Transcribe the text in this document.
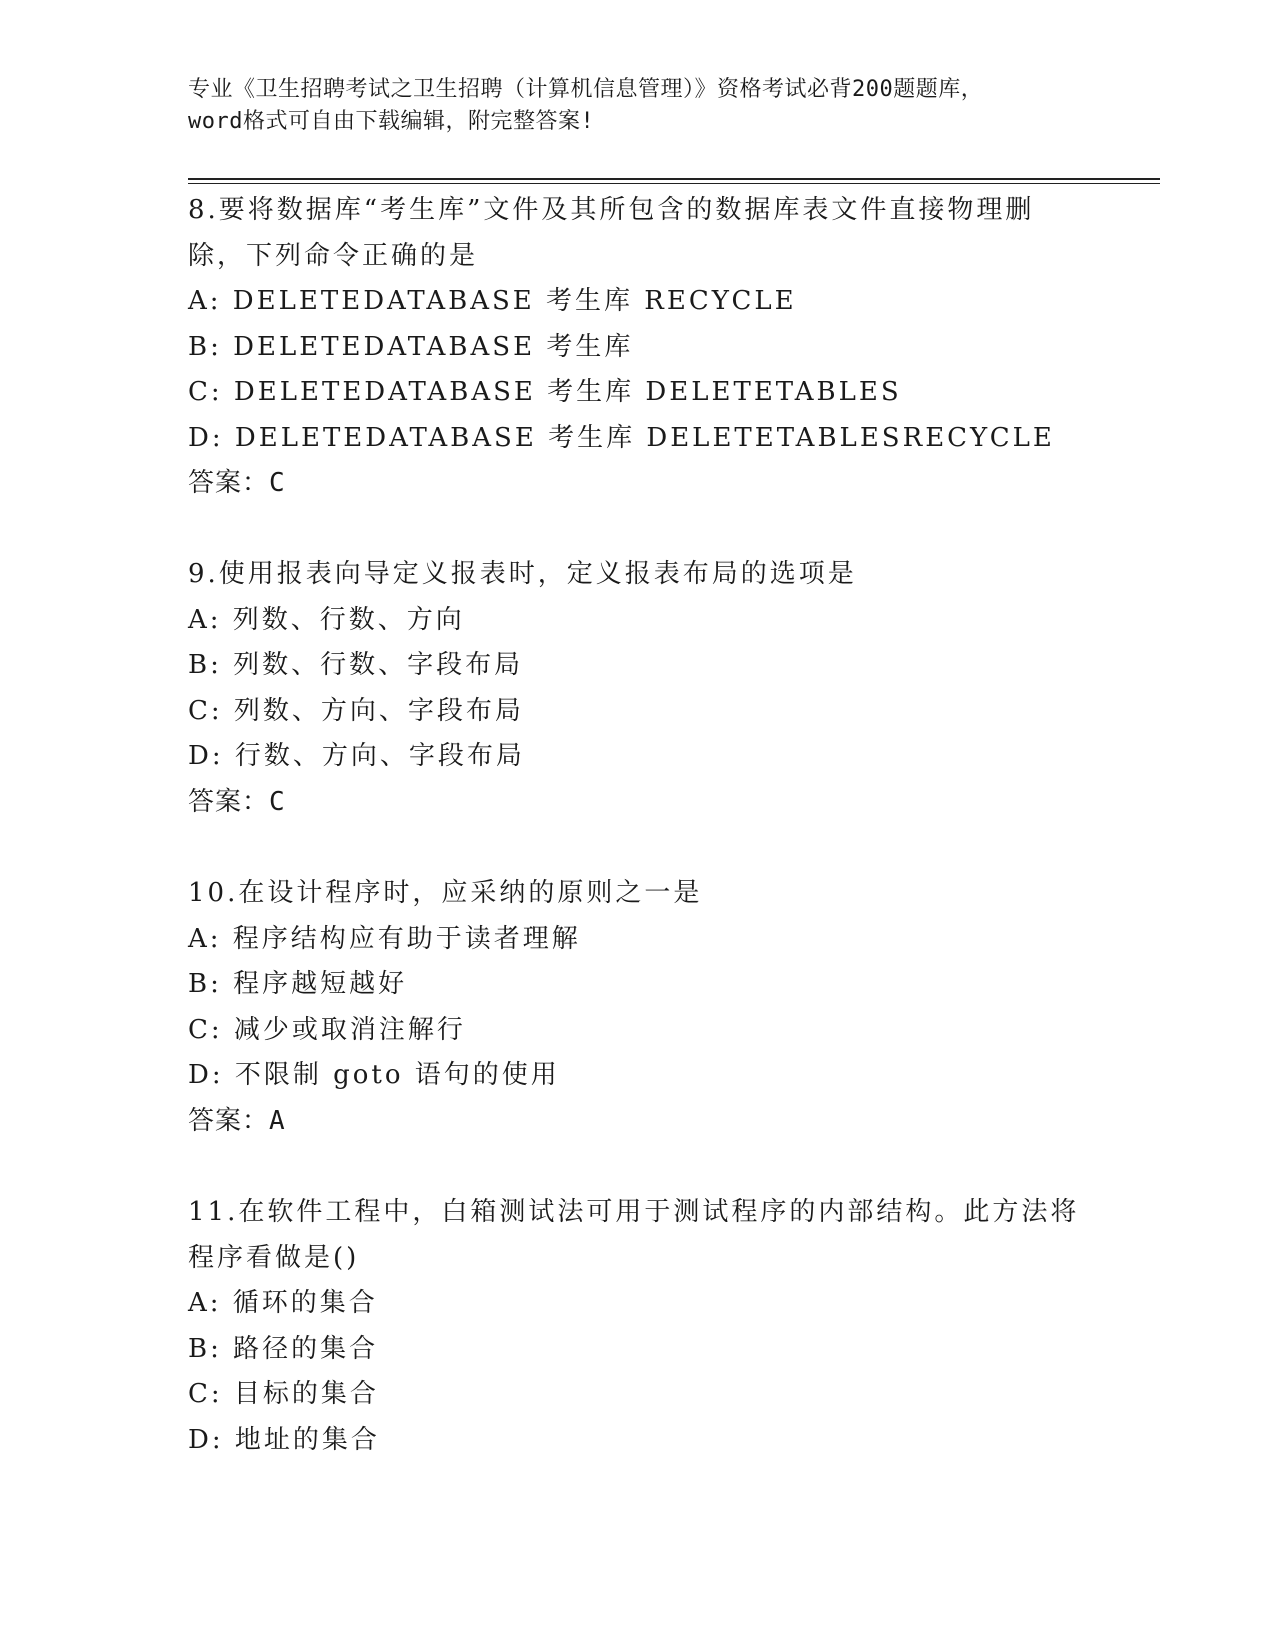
专业《卫生招聘考试之卫生招聘（计算机信息管理）》资格考试必背200题题库，
word格式可自由下载编辑，附完整答案!
8.要将数据库“考生库”文件及其所包含的数据库表文件直接物理删
除，下列命令正确的是
A: DELETEDATABASE 考生库 RECYCLE
B: DELETEDATABASE 考生库
C: DELETEDATABASE 考生库 DELETETABLES
D: DELETEDATABASE 考生库 DELETETABLESRECYCLE
答案：C
9.使用报表向导定义报表时，定义报表布局的选项是
A: 列数、行数、方向
B: 列数、行数、字段布局
C: 列数、方向、字段布局
D: 行数、方向、字段布局
答案：C
10.在设计程序时，应采纳的原则之一是
A: 程序结构应有助于读者理解
B: 程序越短越好
C: 减少或取消注解行
D: 不限制 goto 语句的使用
答案：A
11.在软件工程中，白箱测试法可用于测试程序的内部结构。此方法将
程序看做是()
A: 循环的集合
B: 路径的集合
C: 目标的集合
D: 地址的集合
